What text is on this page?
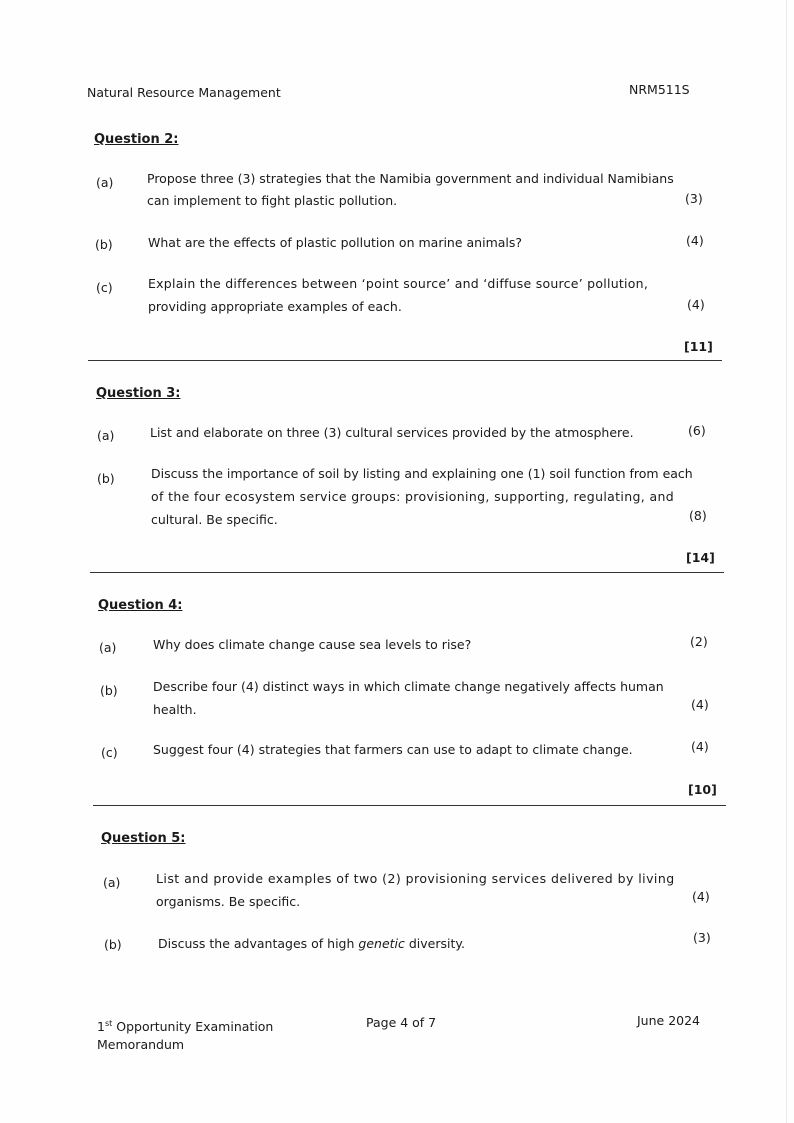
Natural Resource Management	NRM511S
Question 2:
(a)	Propose three (3) strategies that the Namibia government and individual Namibians
can implement to fight plastic pollution.	(3)
(b)	What are the effects of plastic pollution on marine animals?	(4)
(c)	Explain the differences between ‘point source’ and ‘diffuse source’ pollution,
providing appropriate examples of each.	(4)
[11]
Question 3:
(a)	List and elaborate on three (3) cultural services provided by the atmosphere.	(6)
(b)	Discuss the importance of soil by listing and explaining one (1) soil function from each
of the four ecosystem service groups: provisioning, supporting, regulating, and
cultural. Be specific.	(8)
[14]
Question 4:
(a)	Why does climate change cause sea levels to rise?	(2)
(b)	Describe four (4) distinct ways in which climate change negatively affects human
health.	(4)
(c)	Suggest four (4) strategies that farmers can use to adapt to climate change.	(4)
[10]
Question 5:
(a)	List and provide examples of two (2) provisioning services delivered by living
organisms. Be specific.	(4)
(b)	Discuss the advantages of high genetic diversity.	(3)
1st Opportunity Examination
Memorandum
Page 4 of 7	June 2024
